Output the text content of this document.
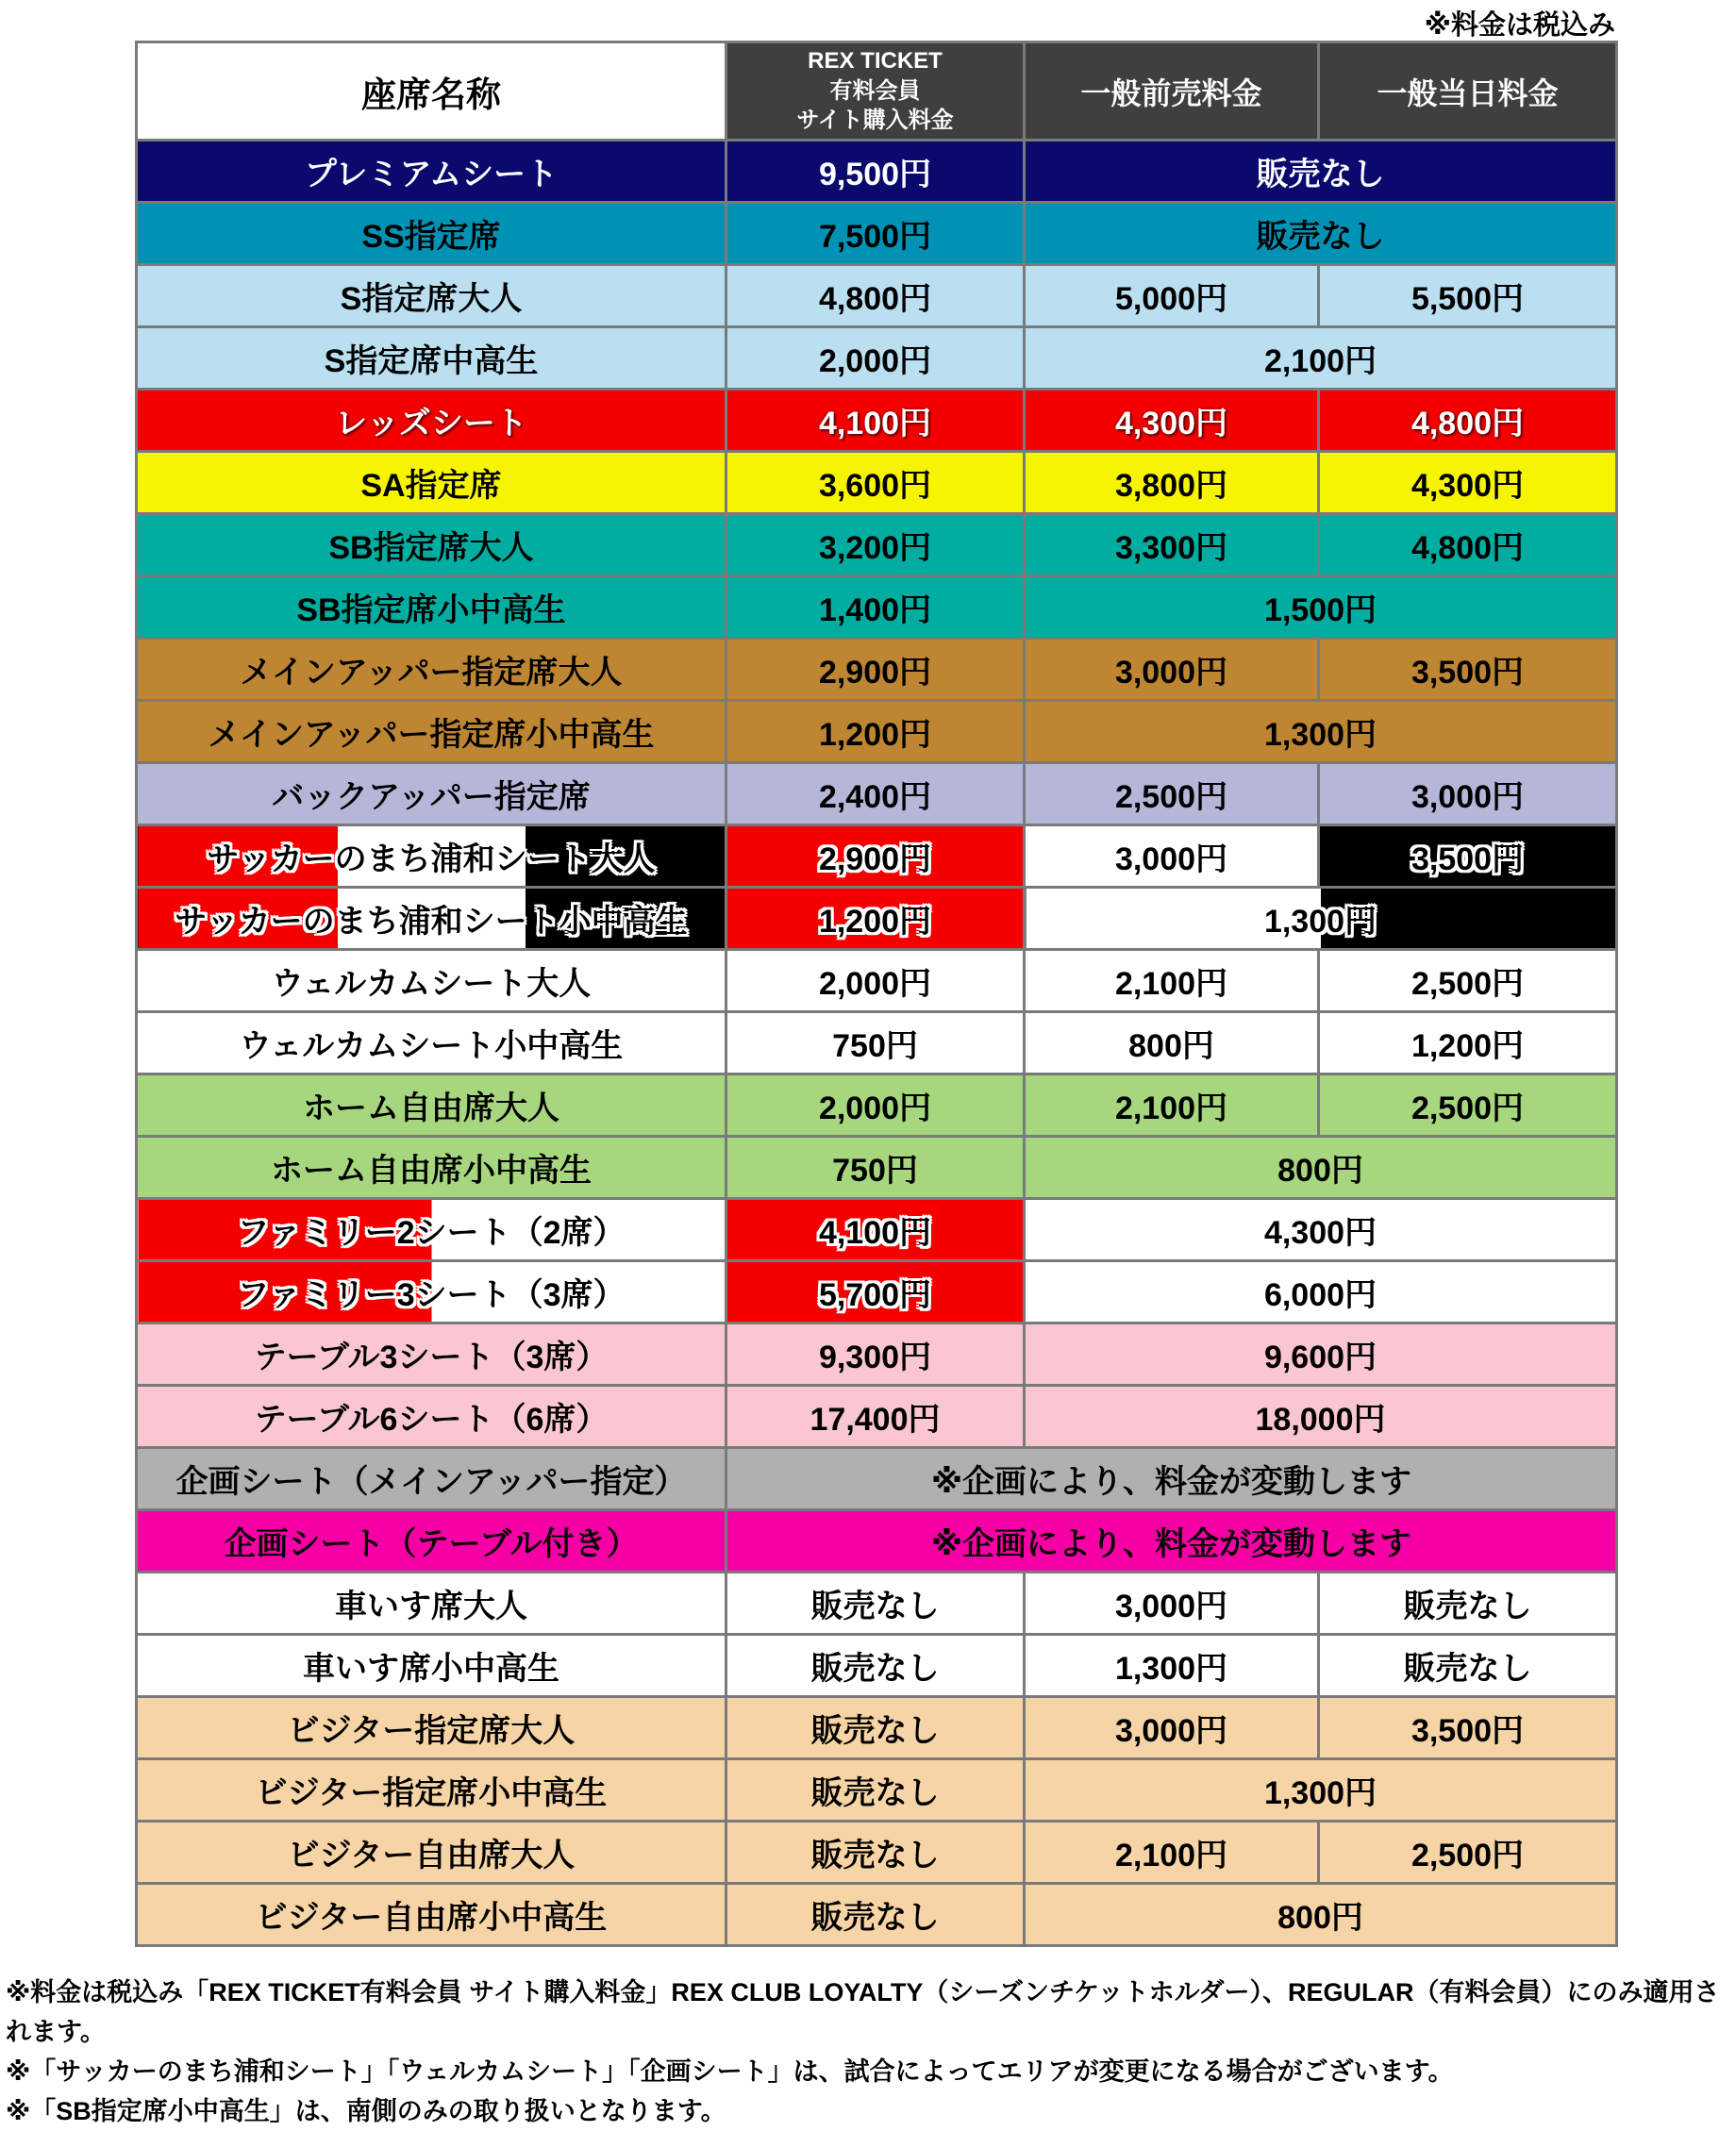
※料金は税込み
座席名称	REX TICKET
有料会員
サイト購入料金	一般前売料金	一般当日料金
プレミアムシート	9,500円	販売なし	
SS指定席	7,500円	販売なし	
S指定席大人	4,800円	5,000円	5,500円
S指定席中高生	2,000円	2,100円	
レッズシート	4,100円	4,300円	4,800円
SA指定席	3,600円	3,800円	4,300円
SB指定席大人	3,200円	3,300円	4,800円
SB指定席小中高生	1,400円	1,500円	
メインアッパー指定席大人	2,900円	3,000円	3,500円
メインアッパー指定席小中高生	1,200円	1,300円	
バックアッパー指定席	2,400円	2,500円	3,000円
サッカーのまち浦和シート大人	2,900円	3,000円	3,500円
サッカーのまち浦和シート小中高生	1,200円	1,300円	
ウェルカムシート大人	2,000円	2,100円	2,500円
ウェルカムシート小中高生	750円	800円	1,200円
ホーム自由席大人	2,000円	2,100円	2,500円
ホーム自由席小中高生	750円	800円	
ファミリー2シート（2席）	4,100円	4,300円	
ファミリー3シート（3席）	5,700円	6,000円	
テーブル3シート（3席）	9,300円	9,600円	
テーブル6シート（6席）	17,400円	18,000円	
企画シート（メインアッパー指定）	※企画により、料金が変動します		
企画シート（テーブル付き）	※企画により、料金が変動します		
車いす席大人	販売なし	3,000円	販売なし
車いす席小中高生	販売なし	1,300円	販売なし
ビジター指定席大人	販売なし	3,000円	3,500円
ビジター指定席小中高生	販売なし	1,300円	
ビジター自由席大人	販売なし	2,100円	2,500円
ビジター自由席小中高生	販売なし	800円	
※料金は税込み「REX TICKET有料会員 サイト購入料金」REX CLUB LOYALTY（シーズンチケットホルダー）、REGULAR（有料会員）にのみ適用されます。
※「サッカーのまち浦和シート」「ウェルカムシート」「企画シート」は、試合によってエリアが変更になる場合がございます。
※「SB指定席小中高生」は、南側のみの取り扱いとなります。
